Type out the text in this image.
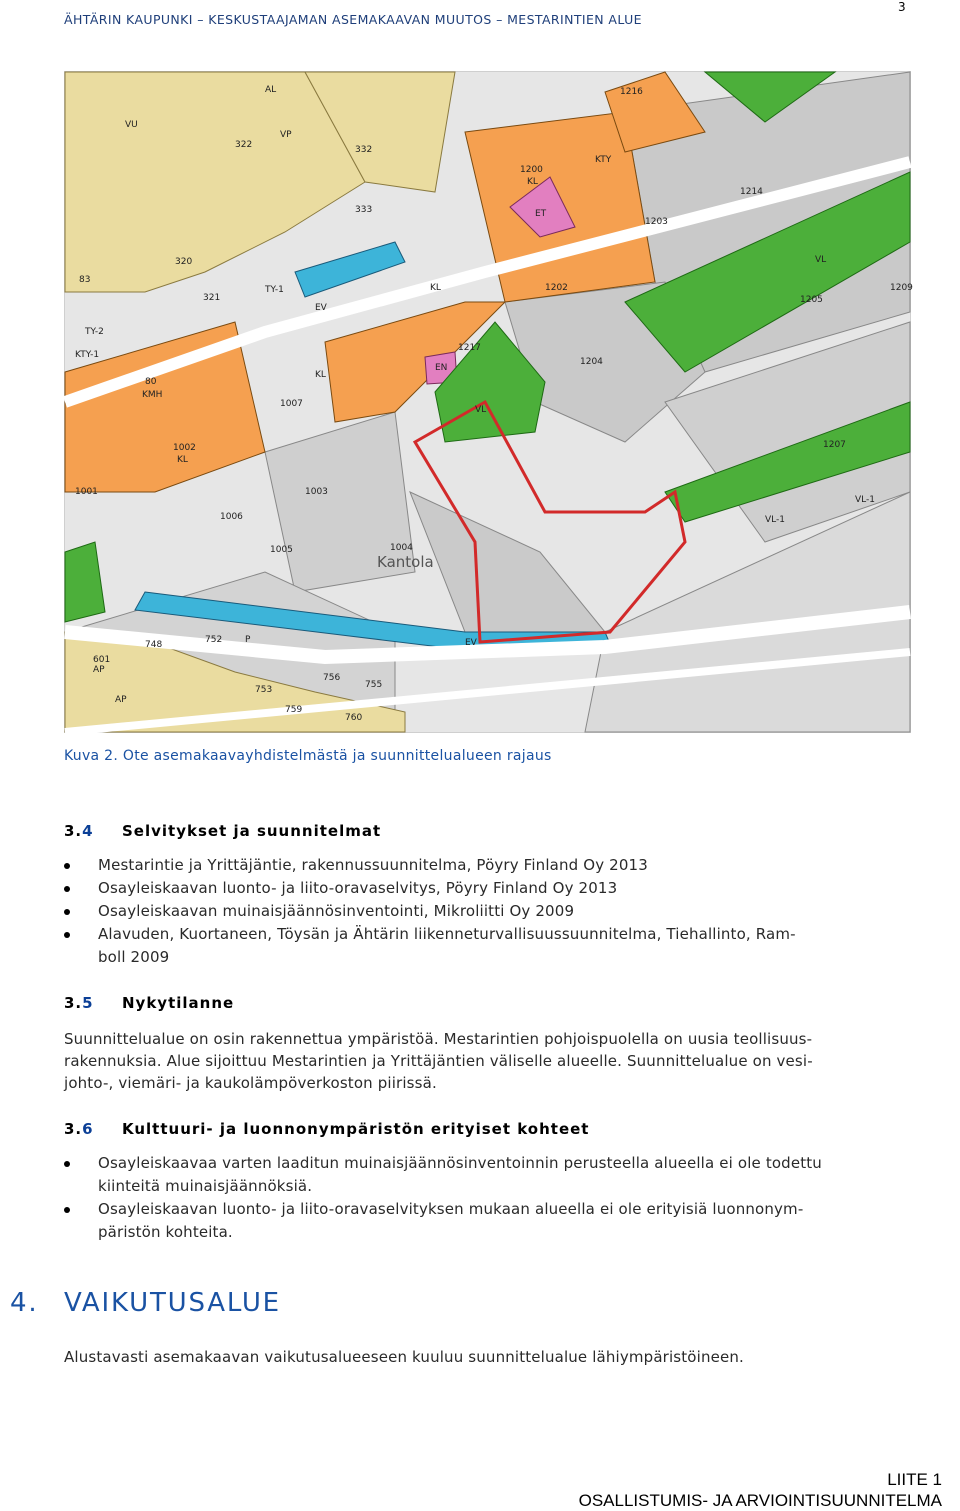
ÄHTÄRIN KAUPUNKI – KESKUSTAAJAMAN ASEMAKAAVAN MUUTOS – MESTARINTIEN ALUE
3
VU
AL
VP
322	332
333
320
83
321
TY-1
TY-2
KTY-1
80
KMH
1200
KL
ET
1216
KTY
1214
1203
VL
1202
1205
1209
1217
EN
1204
KL
EV
VL
KL
1007
1002
KL
1001	1003
1006
1005	1004
Kantola
1207
VL-1
VL-1
EV
748
601
AP
AP
P
752
753
756
755
759
760
Kuva 2. Ote asemakaavayhdistelmästä ja suunnittelualueen rajaus
3.4 Selvitykset ja suunnitelmat
Mestarintie ja Yrittäjäntie, rakennussuunnitelma, Pöyry Finland Oy 2013
Osayleiskaavan luonto- ja liito-oravaselvitys, Pöyry Finland Oy 2013
Osayleiskaavan muinaisjäännösinventointi, Mikroliitti Oy 2009
Alavuden, Kuortaneen, Töysän ja Ähtärin liikenneturvallisuussuunnitelma, Tiehallinto, Ram-
boll 2009
3.5 Nykytilanne
Suunnittelualue on osin rakennettua ympäristöä. Mestarintien pohjoispuolella on uusia teollisuus-
rakennuksia. Alue sijoittuu Mestarintien ja Yrittäjäntien väliselle alueelle. Suunnittelualue on vesi-
johto-, viemäri- ja kaukolämpöverkoston piirissä.
3.6 Kulttuuri- ja luonnonympäristön erityiset kohteet
Osayleiskaavaa varten laaditun muinaisjäännösinventoinnin perusteella alueella ei ole todettu
kiinteitä muinaisjäännöksiä.
Osayleiskaavan luonto- ja liito-oravaselvityksen mukaan alueella ei ole erityisiä luonnonym-
päristön kohteita.
4. VAIKUTUSALUE
Alustavasti asemakaavan vaikutusalueeseen kuuluu suunnittelualue lähiympäristöineen.
LIITE 1
OSALLISTUMIS- JA ARVIOINTISUUNNITELMA
